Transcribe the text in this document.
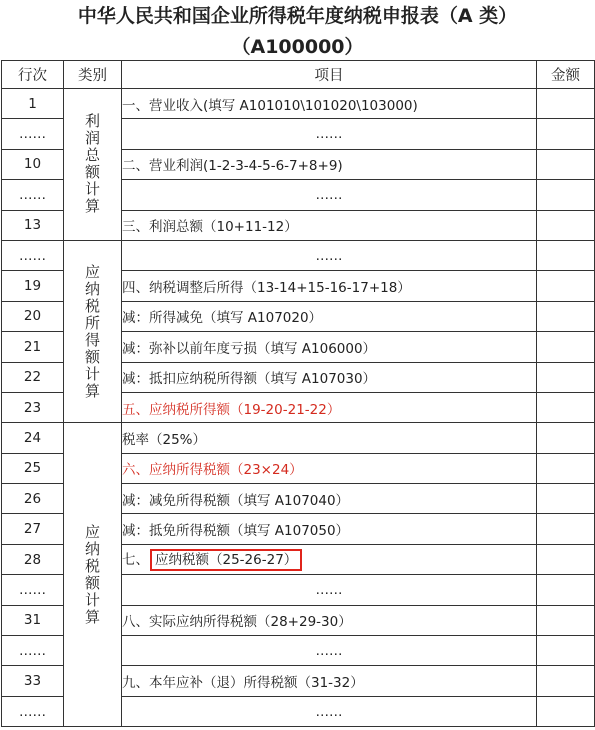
中华人民共和国企业所得税年度纳税申报表（A 类）
（A100000）
行次	类别	项目	金额
1	利润总额计算	一、营业收入(填写 A101010\101020\103000)	
……		……	
10		二、营业利润(1-2-3-4-5-6-7+8+9)	
……		……	
13		三、利润总额（10+11-12）	
……	应纳税所得额计算	……	
19		四、纳税调整后所得（13-14+15-16-17+18）	
20		减：所得减免（填写 A107020）	
21		减：弥补以前年度亏损（填写 A106000）	
22		减：抵扣应纳税所得额（填写 A107030）	
23		五、应纳税所得额（19-20-21-22）	
24	应纳税额计算	税率（25%）	
25		六、应纳所得税额（23×24）	
26		减：减免所得税额（填写 A107040）	
27		减：抵免所得税额（填写 A107050）	
28		七、 应纳税额（25-26-27）	
……		……	
31		八、实际应纳所得税额（28+29-30）	
……		……	
33		九、本年应补（退）所得税额（31-32）	
……		……	
